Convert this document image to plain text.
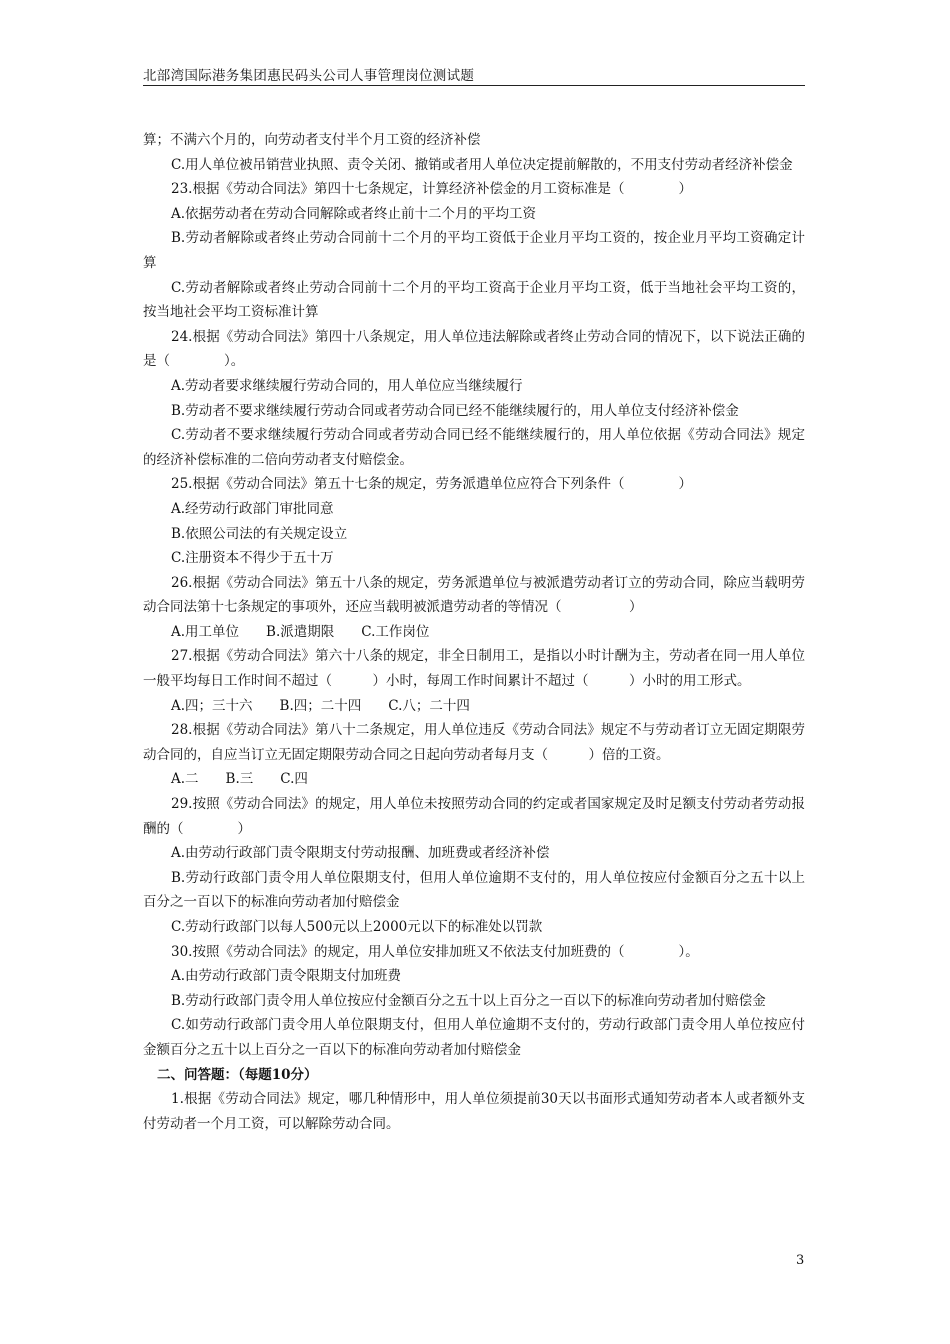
北部湾国际港务集团惠民码头公司人事管理岗位测试题

算；不满六个月的，向劳动者支付半个月工资的经济补偿

C.用人单位被吊销营业执照、责令关闭、撤销或者用人单位决定提前解散的，不用支付劳动者经济补偿金

23.根据《劳动合同法》第四十七条规定，计算经济补偿金的月工资标准是（　　　　）

A.依据劳动者在劳动合同解除或者终止前十二个月的平均工资

B.劳动者解除或者终止劳动合同前十二个月的平均工资低于企业月平均工资的，按企业月平均工资确定计算

C.劳动者解除或者终止劳动合同前十二个月的平均工资高于企业月平均工资，低于当地社会平均工资的，按当地社会平均工资标准计算

24.根据《劳动合同法》第四十八条规定，用人单位违法解除或者终止劳动合同的情况下，以下说法正确的是（　　　　）。

A.劳动者要求继续履行劳动合同的，用人单位应当继续履行

B.劳动者不要求继续履行劳动合同或者劳动合同已经不能继续履行的，用人单位支付经济补偿金

C.劳动者不要求继续履行劳动合同或者劳动合同已经不能继续履行的，用人单位依据《劳动合同法》规定的经济补偿标准的二倍向劳动者支付赔偿金。

25.根据《劳动合同法》第五十七条的规定，劳务派遣单位应符合下列条件（　　　　）

A.经劳动行政部门审批同意

B.依照公司法的有关规定设立

C.注册资本不得少于五十万

26.根据《劳动合同法》第五十八条的规定，劳务派遣单位与被派遣劳动者订立的劳动合同，除应当载明劳动合同法第十七条规定的事项外，还应当载明被派遣劳动者的等情况（　　　　　）

A.用工单位　　B.派遣期限　　C.工作岗位

27.根据《劳动合同法》第六十八条的规定，非全日制用工，是指以小时计酬为主，劳动者在同一用人单位一般平均每日工作时间不超过（　　　）小时，每周工作时间累计不超过（　　　）小时的用工形式。

A.四；三十六　　B.四；二十四　　C.八；二十四

28.根据《劳动合同法》第八十二条规定，用人单位违反《劳动合同法》规定不与劳动者订立无固定期限劳动合同的，自应当订立无固定期限劳动合同之日起向劳动者每月支（　　　）倍的工资。

A.二　　B.三　　C.四

29.按照《劳动合同法》的规定，用人单位未按照劳动合同的约定或者国家规定及时足额支付劳动者劳动报酬的（　　　　）

A.由劳动行政部门责令限期支付劳动报酬、加班费或者经济补偿

B.劳动行政部门责令用人单位限期支付，但用人单位逾期不支付的，用人单位按应付金额百分之五十以上百分之一百以下的标准向劳动者加付赔偿金

C.劳动行政部门以每人500元以上2000元以下的标准处以罚款

30.按照《劳动合同法》的规定，用人单位安排加班又不依法支付加班费的（　　　　）。

A.由劳动行政部门责令限期支付加班费

B.劳动行政部门责令用人单位按应付金额百分之五十以上百分之一百以下的标准向劳动者加付赔偿金

C.如劳动行政部门责令用人单位限期支付，但用人单位逾期不支付的，劳动行政部门责令用人单位按应付金额百分之五十以上百分之一百以下的标准向劳动者加付赔偿金

二、问答题：（每题10分）

1.根据《劳动合同法》规定，哪几种情形中，用人单位须提前30天以书面形式通知劳动者本人或者额外支付劳动者一个月工资，可以解除劳动合同。

3
